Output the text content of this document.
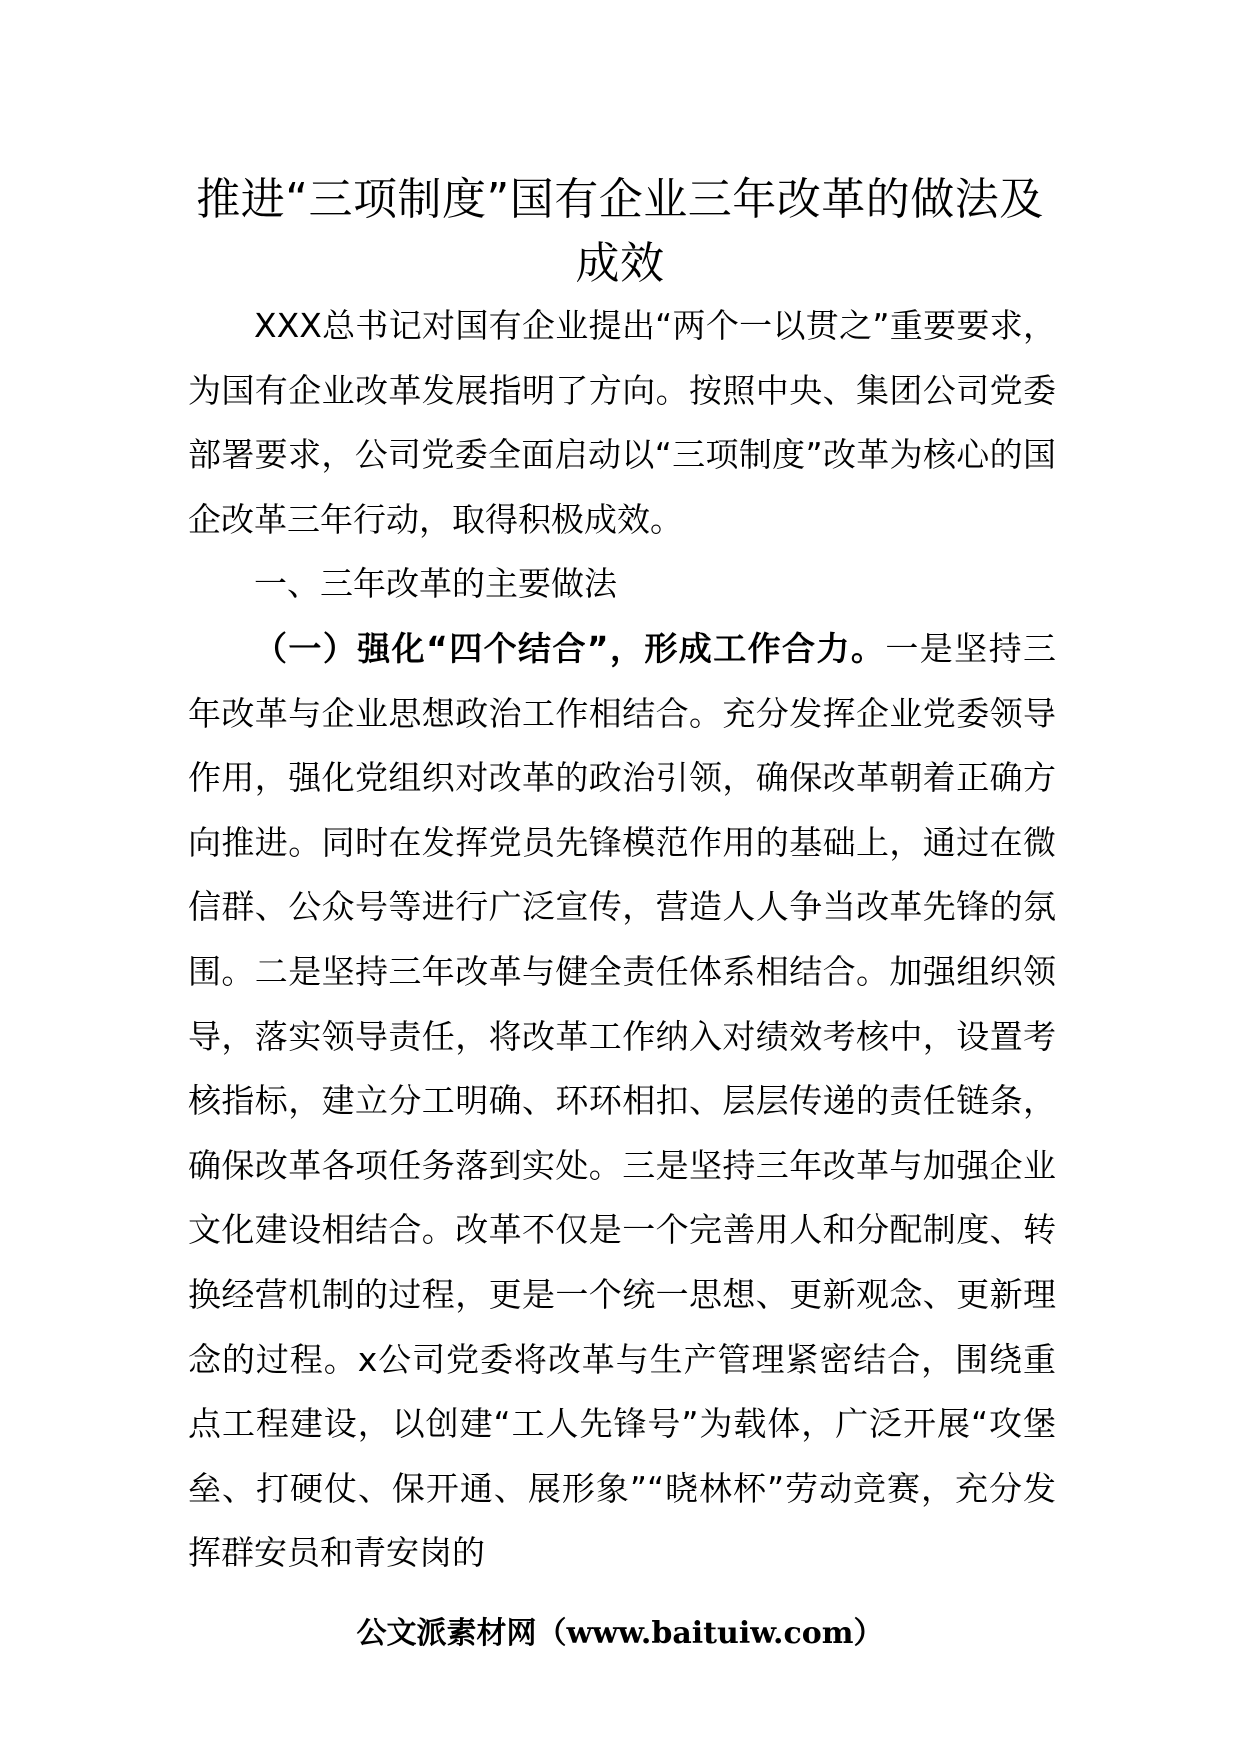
推进“三项制度”国有企业三年改革的做法及成效

XXX总书记对国有企业提出“两个一以贯之”重要要求，为国有企业改革发展指明了方向。按照中央、集团公司党委部署要求，公司党委全面启动以“三项制度”改革为核心的国企改革三年行动，取得积极成效。

一、三年改革的主要做法

（一）强化“四个结合”，形成工作合力。一是坚持三年改革与企业思想政治工作相结合。充分发挥企业党委领导作用，强化党组织对改革的政治引领，确保改革朝着正确方向推进。同时在发挥党员先锋模范作用的基础上，通过在微信群、公众号等进行广泛宣传，营造人人争当改革先锋的氛围。二是坚持三年改革与健全责任体系相结合。加强组织领导，落实领导责任，将改革工作纳入对绩效考核中，设置考核指标，建立分工明确、环环相扣、层层传递的责任链条，确保改革各项任务落到实处。三是坚持三年改革与加强企业文化建设相结合。改革不仅是一个完善用人和分配制度、转换经营机制的过程，更是一个统一思想、更新观念、更新理念的过程。x公司党委将改革与生产管理紧密结合，围绕重点工程建设，以创建“工人先锋号”为载体，广泛开展“攻堡垒、打硬仗、保开通、展形象”“晓林杯”劳动竞赛，充分发挥群安员和青安岗的

公文派素材网（www.baituiw.com）
